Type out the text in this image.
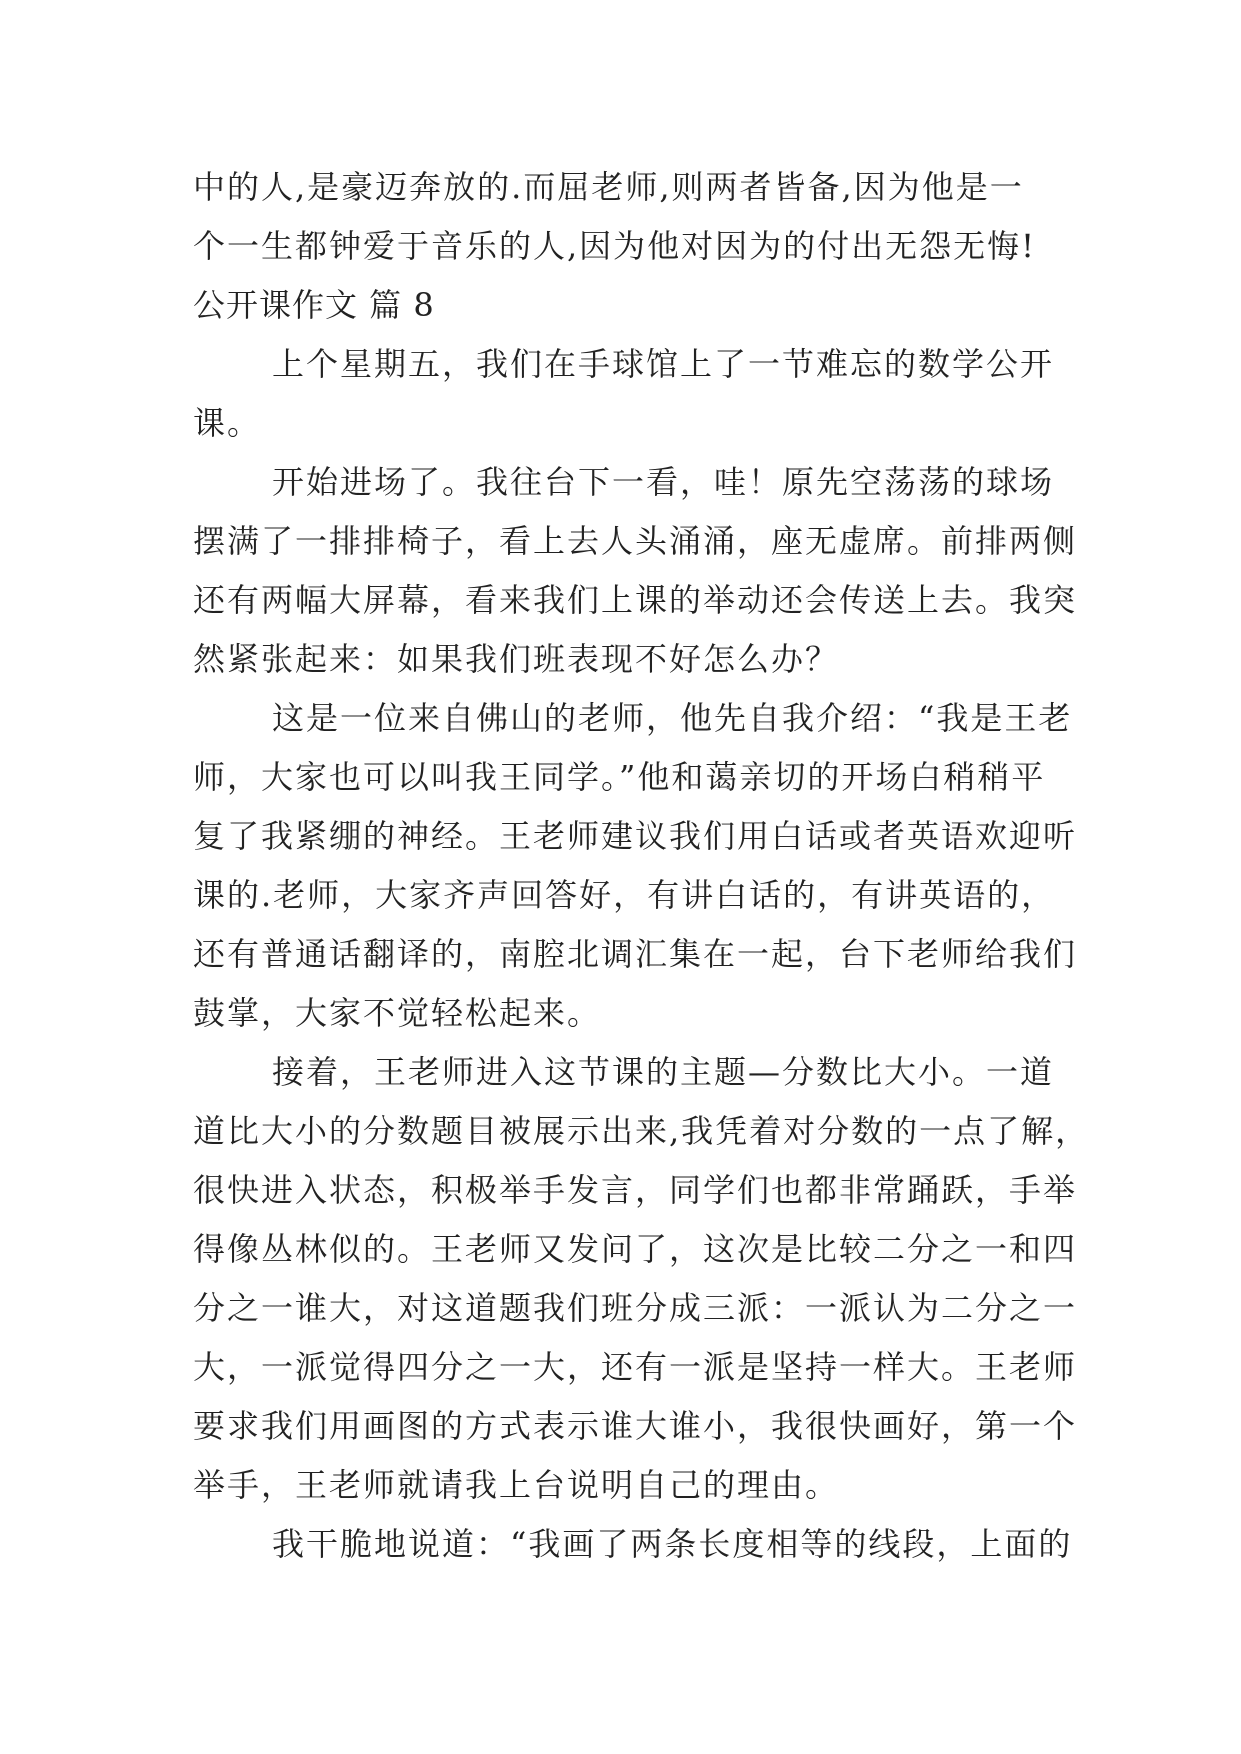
中的人,是豪迈奔放的.而屈老师,则两者皆备,因为他是一
个一生都钟爱于音乐的人,因为他对因为的付出无怨无悔!
公开课作文 篇 8
上个星期五，我们在手球馆上了一节难忘的数学公开
课。
开始进场了。我往台下一看，哇！原先空荡荡的球场
摆满了一排排椅子，看上去人头涌涌，座无虚席。前排两侧
还有两幅大屏幕，看来我们上课的举动还会传送上去。我突
然紧张起来：如果我们班表现不好怎么办？
这是一位来自佛山的老师，他先自我介绍：“我是王老
师，大家也可以叫我王同学。”他和蔼亲切的开场白稍稍平
复了我紧绷的神经。王老师建议我们用白话或者英语欢迎听
课的.老师，大家齐声回答好，有讲白话的，有讲英语的，
还有普通话翻译的，南腔北调汇集在一起，台下老师给我们
鼓掌，大家不觉轻松起来。
接着，王老师进入这节课的主题—分数比大小。一道
道比大小的分数题目被展示出来,我凭着对分数的一点了解，
很快进入状态，积极举手发言，同学们也都非常踊跃，手举
得像丛林似的。王老师又发问了，这次是比较二分之一和四
分之一谁大，对这道题我们班分成三派：一派认为二分之一
大，一派觉得四分之一大，还有一派是坚持一样大。王老师
要求我们用画图的方式表示谁大谁小，我很快画好，第一个
举手，王老师就请我上台说明自己的理由。
我干脆地说道：“我画了两条长度相等的线段，上面的
